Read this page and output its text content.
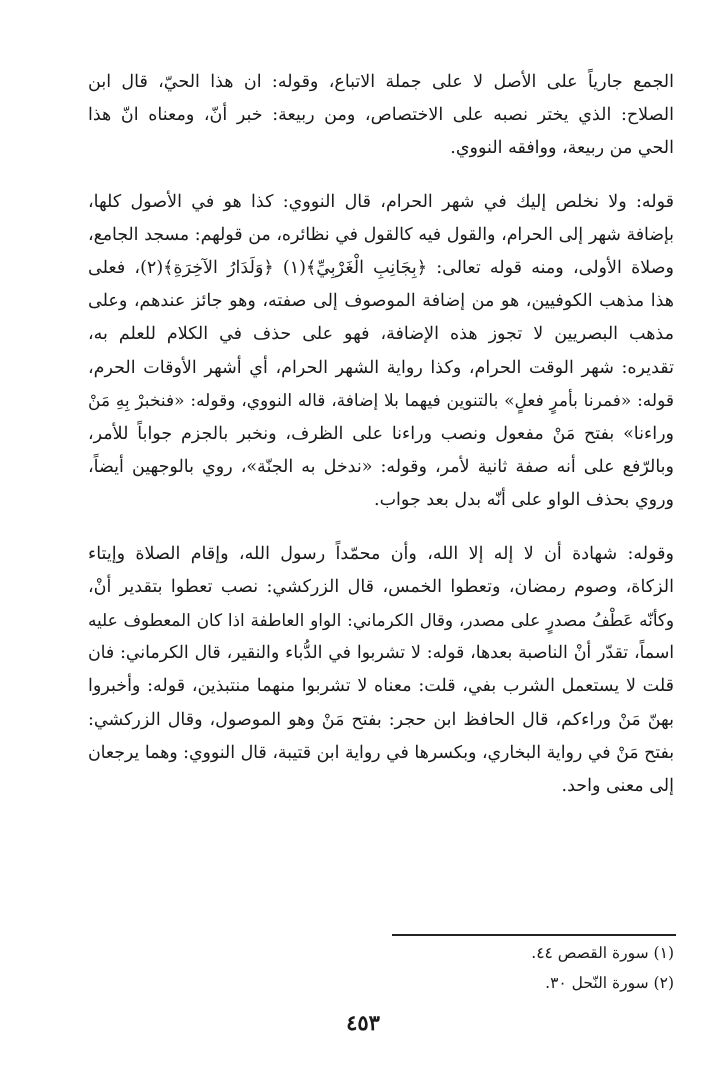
الجمع جارياً على الأصل لا على جملة الاتباع، وقوله: ان هذا الحيّ، قال ابن
الصلاح: الذي يختر نصبه على الاختصاص، ومن ربيعة: خبر أنّ، ومعناه انّ هذا
الحي من ربيعة، ووافقه النووي.
قوله: ولا نخلص إليك في شهر الحرام، قال النووي: كذا هو في الأصول كلها،
بإضافة شهر إلى الحرام، والقول فيه كالقول في نظائره، من قولهم: مسجد الجامع،
وصلاة الأولى، ومنه قوله تعالى: ﴿بِجَانِبِ الْغَرْبِيِّ﴾(١) ﴿وَلَدَارُ الآخِرَةِ﴾(٢)، فعلى
هذا مذهب الكوفيين، هو من إضافة الموصوف إلى صفته، وهو جائز عندهم، وعلى
مذهب البصريين لا تجوز هذه الإضافة، فهو على حذف في الكلام للعلم به،
تقديره: شهر الوقت الحرام، وكذا رواية الشهر الحرام، أي أشهر الأوقات الحرم،
قوله: «فمرنا بأمرٍ فعلٍ» بالتنوين فيهما بلا إضافة، قاله النووي، وقوله: «فنخبرْ بِهِ مَنْ
وراءنا» بفتح مَنْ مفعول ونصب وراءنا على الظرف، ونخبر بالجزم جواباً للأمر،
وبالرّفع على أنه صفة ثانية لأمر، وقوله: «ندخل به الجنّة»، روي بالوجهين أيضاً،
وروي بحذف الواو على أنّه بدل بعد جواب.
وقوله: شهادة أن لا إله إلا الله، وأن محمّداً رسول الله، وإقام الصلاة وإيتاء
الزكاة، وصوم رمضان، وتعطوا الخمس، قال الزركشي: نصب تعطوا بتقدير أنْ،
وكأنّه عَطْفُ مصدرٍ على مصدر، وقال الكرماني: الواو العاطفة اذا كان المعطوف عليه
اسماً، تقدّر أنْ الناصبة بعدها، قوله: لا تشربوا في الدُّباء والنقير، قال الكرماني: فان
قلت لا يستعمل الشرب بفي، قلت: معناه لا تشربوا منهما منتبذين، قوله: وأخبروا
بهنّ مَنْ وراءكم، قال الحافظ ابن حجر: بفتح مَنْ وهو الموصول، وقال الزركشي:
بفتح مَنْ في رواية البخاري، وبكسرها في رواية ابن قتيبة، قال النووي: وهما يرجعان
إلى معنى واحد.
(١) سورة القصص ٤٤.
(٢) سورة النّحل ٣٠.
٤٥٣
